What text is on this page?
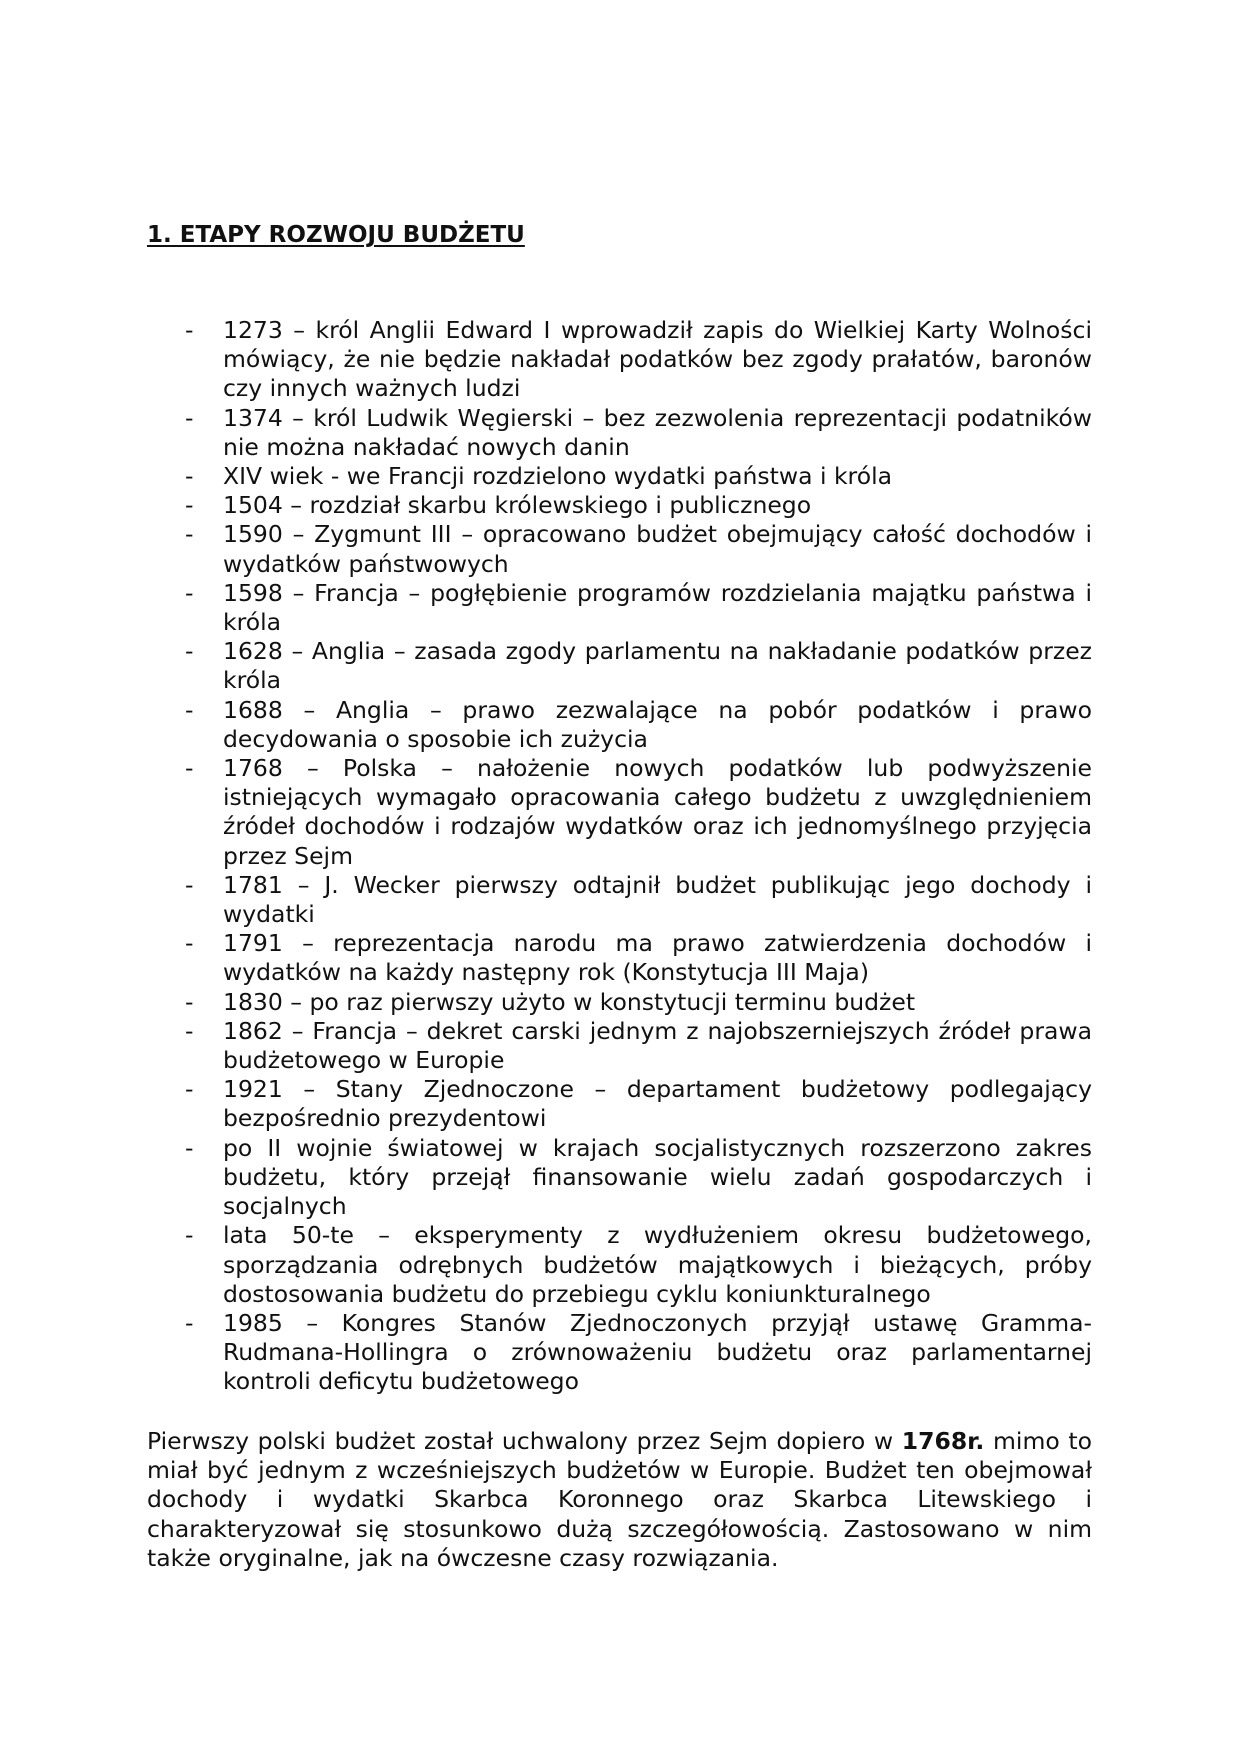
1. ETAPY ROZWOJU BUDŻETU
- 1273 – król Anglii Edward I wprowadził zapis do Wielkiej Karty Wolności mówiący, że nie będzie nakładał podatków bez zgody prałatów, baronów czy innych ważnych ludzi
- 1374 – król Ludwik Węgierski – bez zezwolenia reprezentacji podatników nie można nakładać nowych danin
- XIV wiek - we Francji rozdzielono wydatki państwa i króla
- 1504 – rozdział skarbu królewskiego i publicznego
- 1590 – Zygmunt III – opracowano budżet obejmujący całość dochodów i wydatków państwowych
- 1598 – Francja – pogłębienie programów rozdzielania majątku państwa i króla
- 1628 – Anglia – zasada zgody parlamentu na nakładanie podatków przez króla
- 1688 – Anglia – prawo zezwalające na pobór podatków i prawo decydowania o sposobie ich zużycia
- 1768 – Polska – nałożenie nowych podatków lub podwyższenie istniejących wymagało opracowania całego budżetu z uwzględnieniem źródeł dochodów i rodzajów wydatków oraz ich jednomyślnego przyjęcia przez Sejm
- 1781 – J. Wecker pierwszy odtajnił budżet publikując jego dochody i wydatki
- 1791 – reprezentacja narodu ma prawo zatwierdzenia dochodów i wydatków na każdy następny rok (Konstytucja III Maja)
- 1830 – po raz pierwszy użyto w konstytucji terminu budżet
- 1862 – Francja – dekret carski jednym z najobszerniejszych źródeł prawa budżetowego w Europie
- 1921 – Stany Zjednoczone – departament budżetowy podlegający bezpośrednio prezydentowi
- po II wojnie światowej w krajach socjalistycznych rozszerzono zakres budżetu, który przejął finansowanie wielu zadań gospodarczych i socjalnych
- lata 50-te – eksperymenty z wydłużeniem okresu budżetowego, sporządzania odrębnych budżetów majątkowych i bieżących, próby dostosowania budżetu do przebiegu cyklu koniunkturalnego
- 1985 – Kongres Stanów Zjednoczonych przyjął ustawę Gramma-Rudmana-Hollingra o zrównoważeniu budżetu oraz parlamentarnej kontroli deficytu budżetowego

Pierwszy polski budżet został uchwalony przez Sejm dopiero w 1768r. mimo to miał być jednym z wcześniejszych budżetów w Europie. Budżet ten obejmował dochody i wydatki Skarbca Koronnego oraz Skarbca Litewskiego i charakteryzował się stosunkowo dużą szczegółowością. Zastosowano w nim także oryginalne, jak na ówczesne czasy rozwiązania.
